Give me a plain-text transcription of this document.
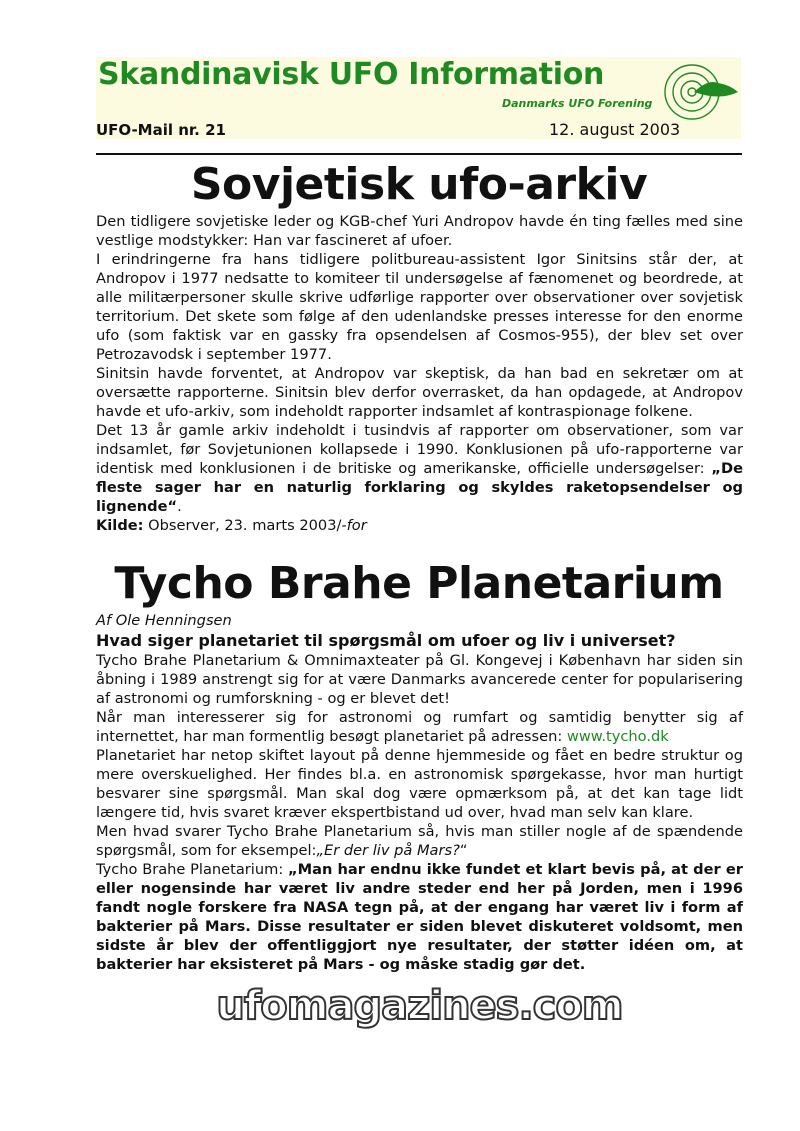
Skandinavisk UFO Information
Danmarks UFO Forening
UFO-Mail nr. 21	12. august 2003
Sovjetisk ufo-arkiv

Den tidligere sovjetiske leder og KGB-chef Yuri Andropov havde én ting fælles med sine vestlige modstykker: Han var fascineret af ufoer.

I erindringerne fra hans tidligere politbureau-assistent Igor Sinitsins står der, at Andropov i 1977 nedsatte to komiteer til undersøgelse af fænomenet og beordrede, at alle militærpersoner skulle skrive udførlige rapporter over observationer over sovjetisk territorium. Det skete som følge af den udenlandske presses interesse for den enorme ufo (som faktisk var en gassky fra opsendelsen af Cosmos-955), der blev set over Petrozavodsk i september 1977.

Sinitsin havde forventet, at Andropov var skeptisk, da han bad en sekretær om at oversætte rapporterne. Sinitsin blev derfor overrasket, da han opdagede, at Andropov havde et ufo-arkiv, som indeholdt rapporter indsamlet af kontraspionage folkene.

Det 13 år gamle arkiv indeholdt i tusindvis af rapporter om observationer, som var indsamlet, før Sovjetunionen kollapsede i 1990. Konklusionen på ufo-rapporterne var identisk med konklusionen i de britiske og amerikanske, officielle undersøgelser: „De fleste sager har en naturlig forklaring og skyldes raketopsendelser og lignende“.

Kilde: Observer, 23. marts 2003/-for

Tycho Brahe Planetarium

Af Ole Henningsen

Hvad siger planetariet til spørgsmål om ufoer og liv i universet?

Tycho Brahe Planetarium & Omnimaxteater på Gl. Kongevej i København har siden sin åbning i 1989 anstrengt sig for at være Danmarks avancerede center for popularisering af astronomi og rumforskning - og er blevet det!

Når man interesserer sig for astronomi og rumfart og samtidig benytter sig af internettet, har man formentlig besøgt planetariet på adressen: www.tycho.dk

Planetariet har netop skiftet layout på denne hjemmeside og fået en bedre struktur og mere overskuelighed. Her findes bl.a. en astronomisk spørgekasse, hvor man hurtigt besvarer sine spørgsmål. Man skal dog være opmærksom på, at det kan tage lidt længere tid, hvis svaret kræver ekspertbistand ud over, hvad man selv kan klare.

Men hvad svarer Tycho Brahe Planetarium så, hvis man stiller nogle af de spændende spørgsmål, som for eksempel:„Er der liv på Mars?“

Tycho Brahe Planetarium: „Man har endnu ikke fundet et klart bevis på, at der er eller nogensinde har været liv andre steder end her på Jorden, men i 1996 fandt nogle forskere fra NASA tegn på, at der engang har været liv i form af bakterier på Mars. Disse resultater er siden blevet diskuteret voldsomt, men sidste år blev der offentliggjort nye resultater, der støtter idéen om, at bakterier har eksisteret på Mars - og måske stadig gør det.

ufomagazines.com
